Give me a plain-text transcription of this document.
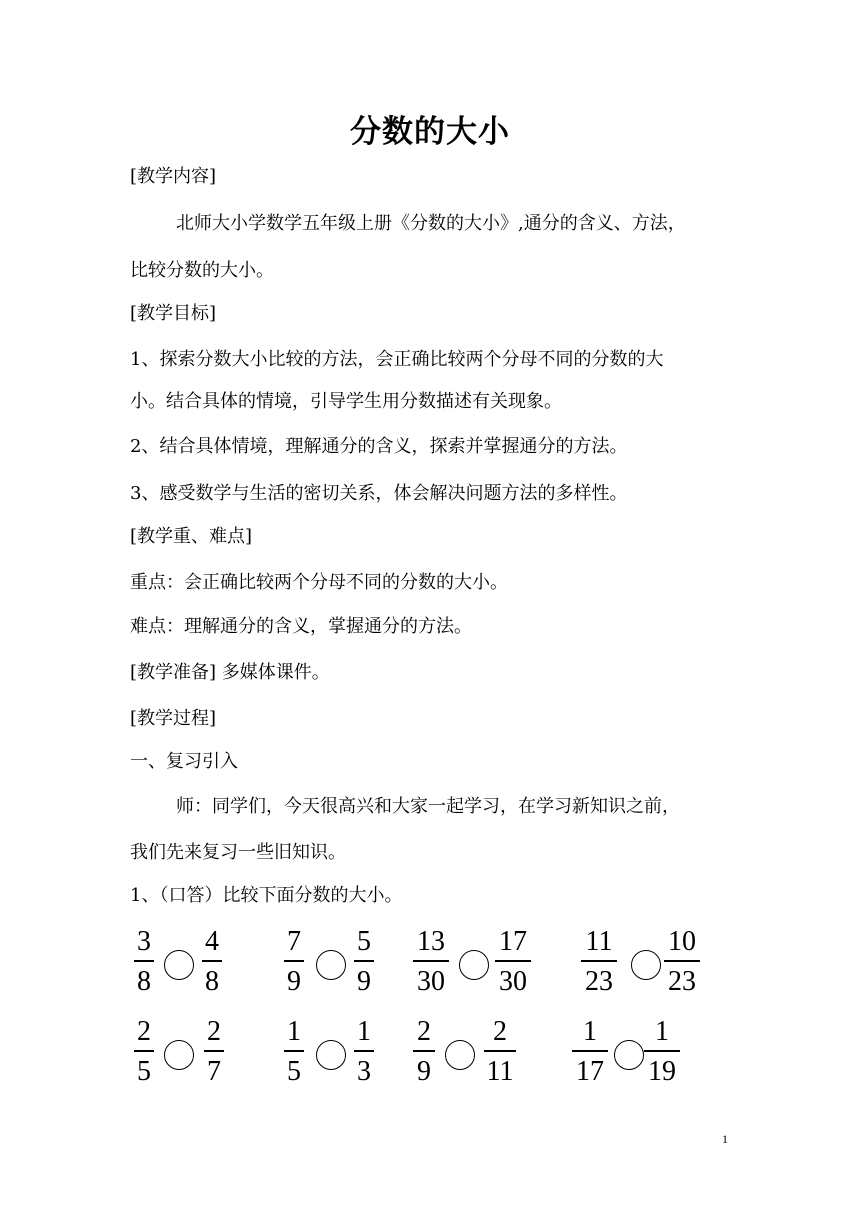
分数的大小
[教学内容]
北师大小学数学五年级上册《分数的大小》,通分的含义、方法，
比较分数的大小。
[教学目标]
1、探索分数大小比较的方法，会正确比较两个分母不同的分数的大
小。结合具体的情境，引导学生用分数描述有关现象。
2、结合具体情境，理解通分的含义，探索并掌握通分的方法。
3、感受数学与生活的密切关系，体会解决问题方法的多样性。
[教学重、难点]
重点：会正确比较两个分母不同的分数的大小。
难点：理解通分的含义，掌握通分的方法。
[教学准备] 多媒体课件。
[教学过程]
一、复习引入
师：同学们，今天很高兴和大家一起学习，在学习新知识之前，
我们先来复习一些旧知识。
1、（口答）比较下面分数的大小。
3
8
4
8
7
9
5
9
13
30
17
30
11
23
10
23
2
5
2
7
1
5
1
3
2
9
2
11
1
17
1
19
1
